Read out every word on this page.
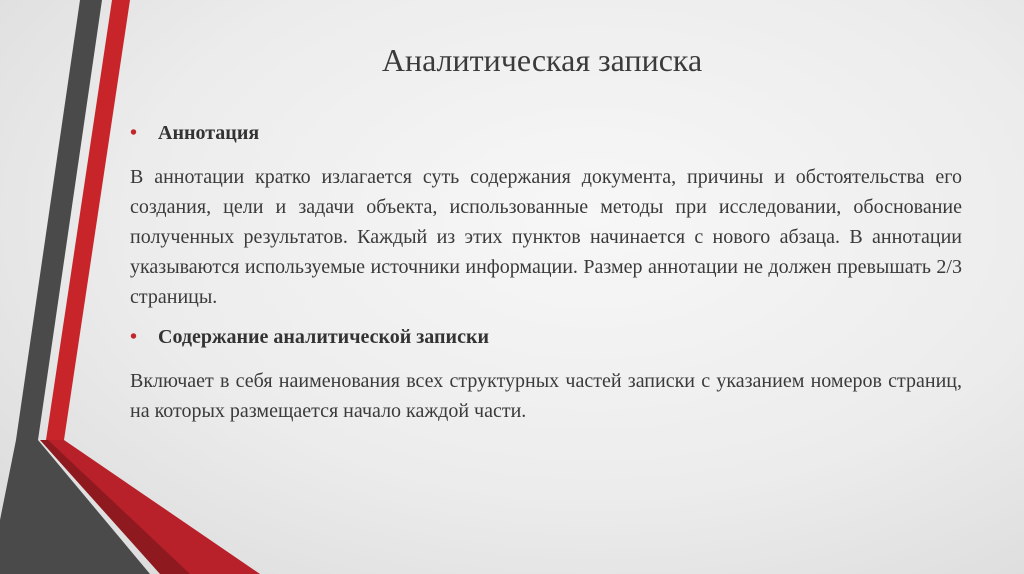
Аналитическая записка
• Аннотация
В аннотации кратко излагается суть содержания документа, причины и обстоятельства его создания, цели и задачи объекта, использованные методы при исследовании, обоснование полученных результатов. Каждый из этих пунктов начинается с нового абзаца. В аннотации указываются используемые источники информации. Размер аннотации не должен превышать 2/3 страницы.
• Содержание аналитической записки
Включает в себя наименования всех структурных частей записки с указанием номеров страниц, на которых размещается начало каждой части.
